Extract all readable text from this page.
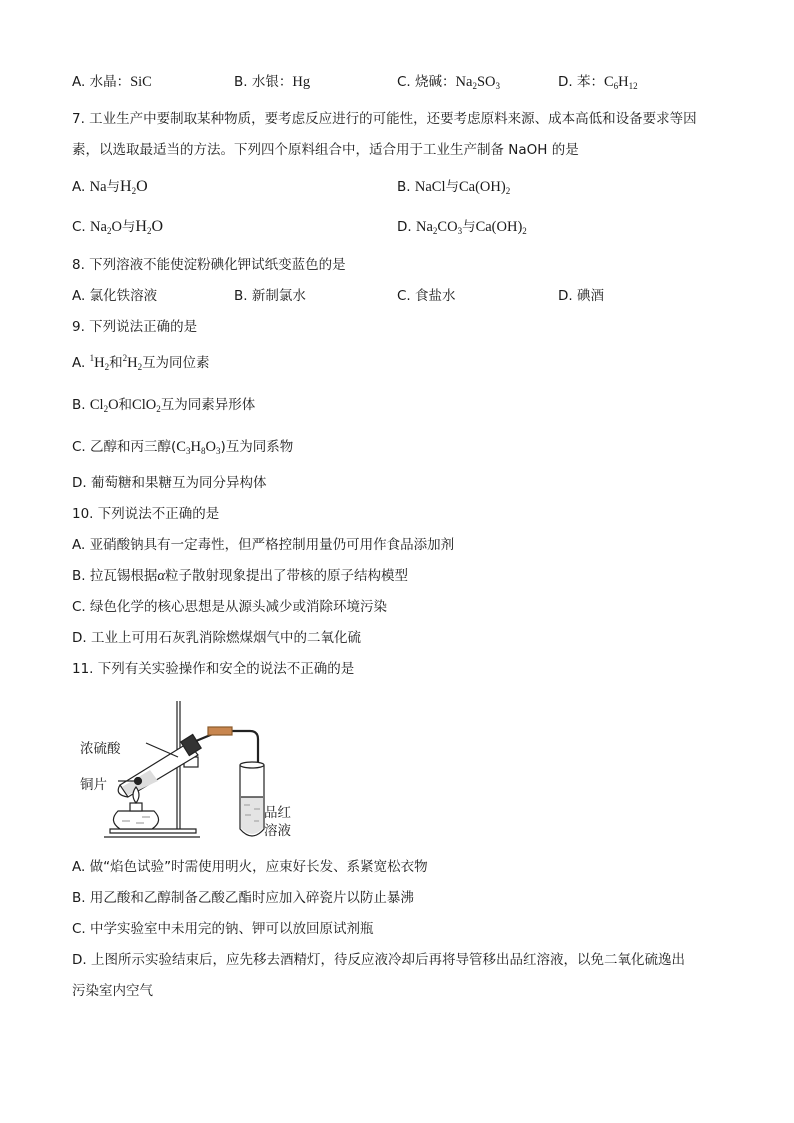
A. 水晶：SiC	B. 水银：Hg	C. 烧碱：$Na_2SO_3$	D. 苯：$C_6H_{12}$
7. 工业生产中要制取某种物质，要考虑反应进行的可能性，还要考虑原料来源、成本高低和设备要求等因
素，以选取最适当的方法。下列四个原料组合中，适合用于工业生产制备 NaOH 的是
A. Na与$H_2O$	B. NaCl与$Ca(OH)_2$
C. $Na_2O$与$H_2O$	D. $Na_2CO_3$与$Ca(OH)_2$
8. 下列溶液不能使淀粉碘化钾试纸变蓝色的是
A. 氯化铁溶液	B. 新制氯水	C. 食盐水	D. 碘酒
9. 下列说法正确的是
A. $^1H_2$和$^2H_2$互为同位素
B. $Cl_2O$和ClO$_2$互为同素异形体
C. 乙醇和丙三醇$(C_3H_8O_3)$互为同系物
D. 葡萄糖和果糖互为同分异构体
10. 下列说法不正确的是
A. 亚硝酸钠具有一定毒性，但严格控制用量仍可用作食品添加剂
B. 拉瓦锡根据α粒子散射现象提出了带核的原子结构模型
C. 绿色化学的核心思想是从源头减少或消除环境污染
D. 工业上可用石灰乳消除燃煤烟气中的二氧化硫
11. 下列有关实验操作和安全的说法不正确的是
浓硫酸
铜片
品红
溶液
A. 做“焰色试验”时需使用明火，应束好长发、系紧宽松衣物
B. 用乙酸和乙醇制备乙酸乙酯时应加入碎瓷片以防止暴沸
C. 中学实验室中未用完的钠、钾可以放回原试剂瓶
D. 上图所示实验结束后，应先移去酒精灯，待反应液冷却后再将导管移出品红溶液，以免二氧化硫逸出
污染室内空气
